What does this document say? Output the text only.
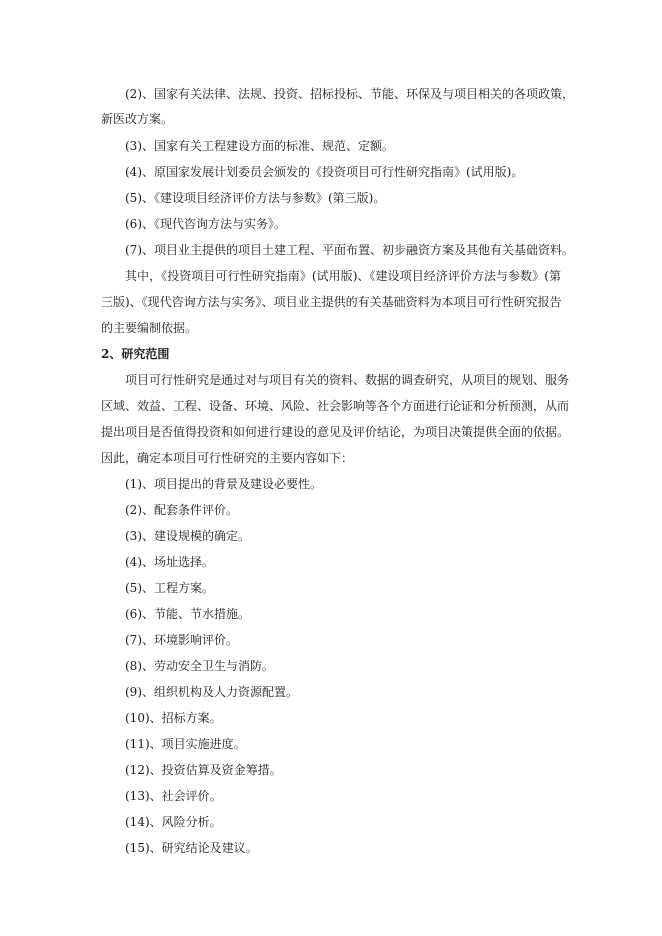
(2)、国家有关法律、法规、投资、招标投标、节能、环保及与项目相关的各项政策，
新医改方案。
(3)、国家有关工程建设方面的标准、规范、定额。
(4)、原国家发展计划委员会颁发的《投资项目可行性研究指南》(试用版)。
(5)、《建设项目经济评价方法与参数》(第三版)。
(6)、《现代咨询方法与实务》。
(7)、项目业主提供的项目土建工程、平面布置、初步融资方案及其他有关基础资料。
其中，《投资项目可行性研究指南》(试用版)、《建设项目经济评价方法与参数》(第
三版)、《现代咨询方法与实务》、项目业主提供的有关基础资料为本项目可行性研究报告
的主要编制依据。
2、研究范围
项目可行性研究是通过对与项目有关的资料、数据的调查研究，从项目的规划、服务
区域、效益、工程、设备、环境、风险、社会影响等各个方面进行论证和分析预测，从而
提出项目是否值得投资和如何进行建设的意见及评价结论，为项目决策提供全面的依据。
因此，确定本项目可行性研究的主要内容如下：
(1)、项目提出的背景及建设必要性。
(2)、配套条件评价。
(3)、建设规模的确定。
(4)、场址选择。
(5)、工程方案。
(6)、节能、节水措施。
(7)、环境影响评价。
(8)、劳动安全卫生与消防。
(9)、组织机构及人力资源配置。
(10)、招标方案。
(11)、项目实施进度。
(12)、投资估算及资金筹措。
(13)、社会评价。
(14)、风险分析。
(15)、研究结论及建议。
